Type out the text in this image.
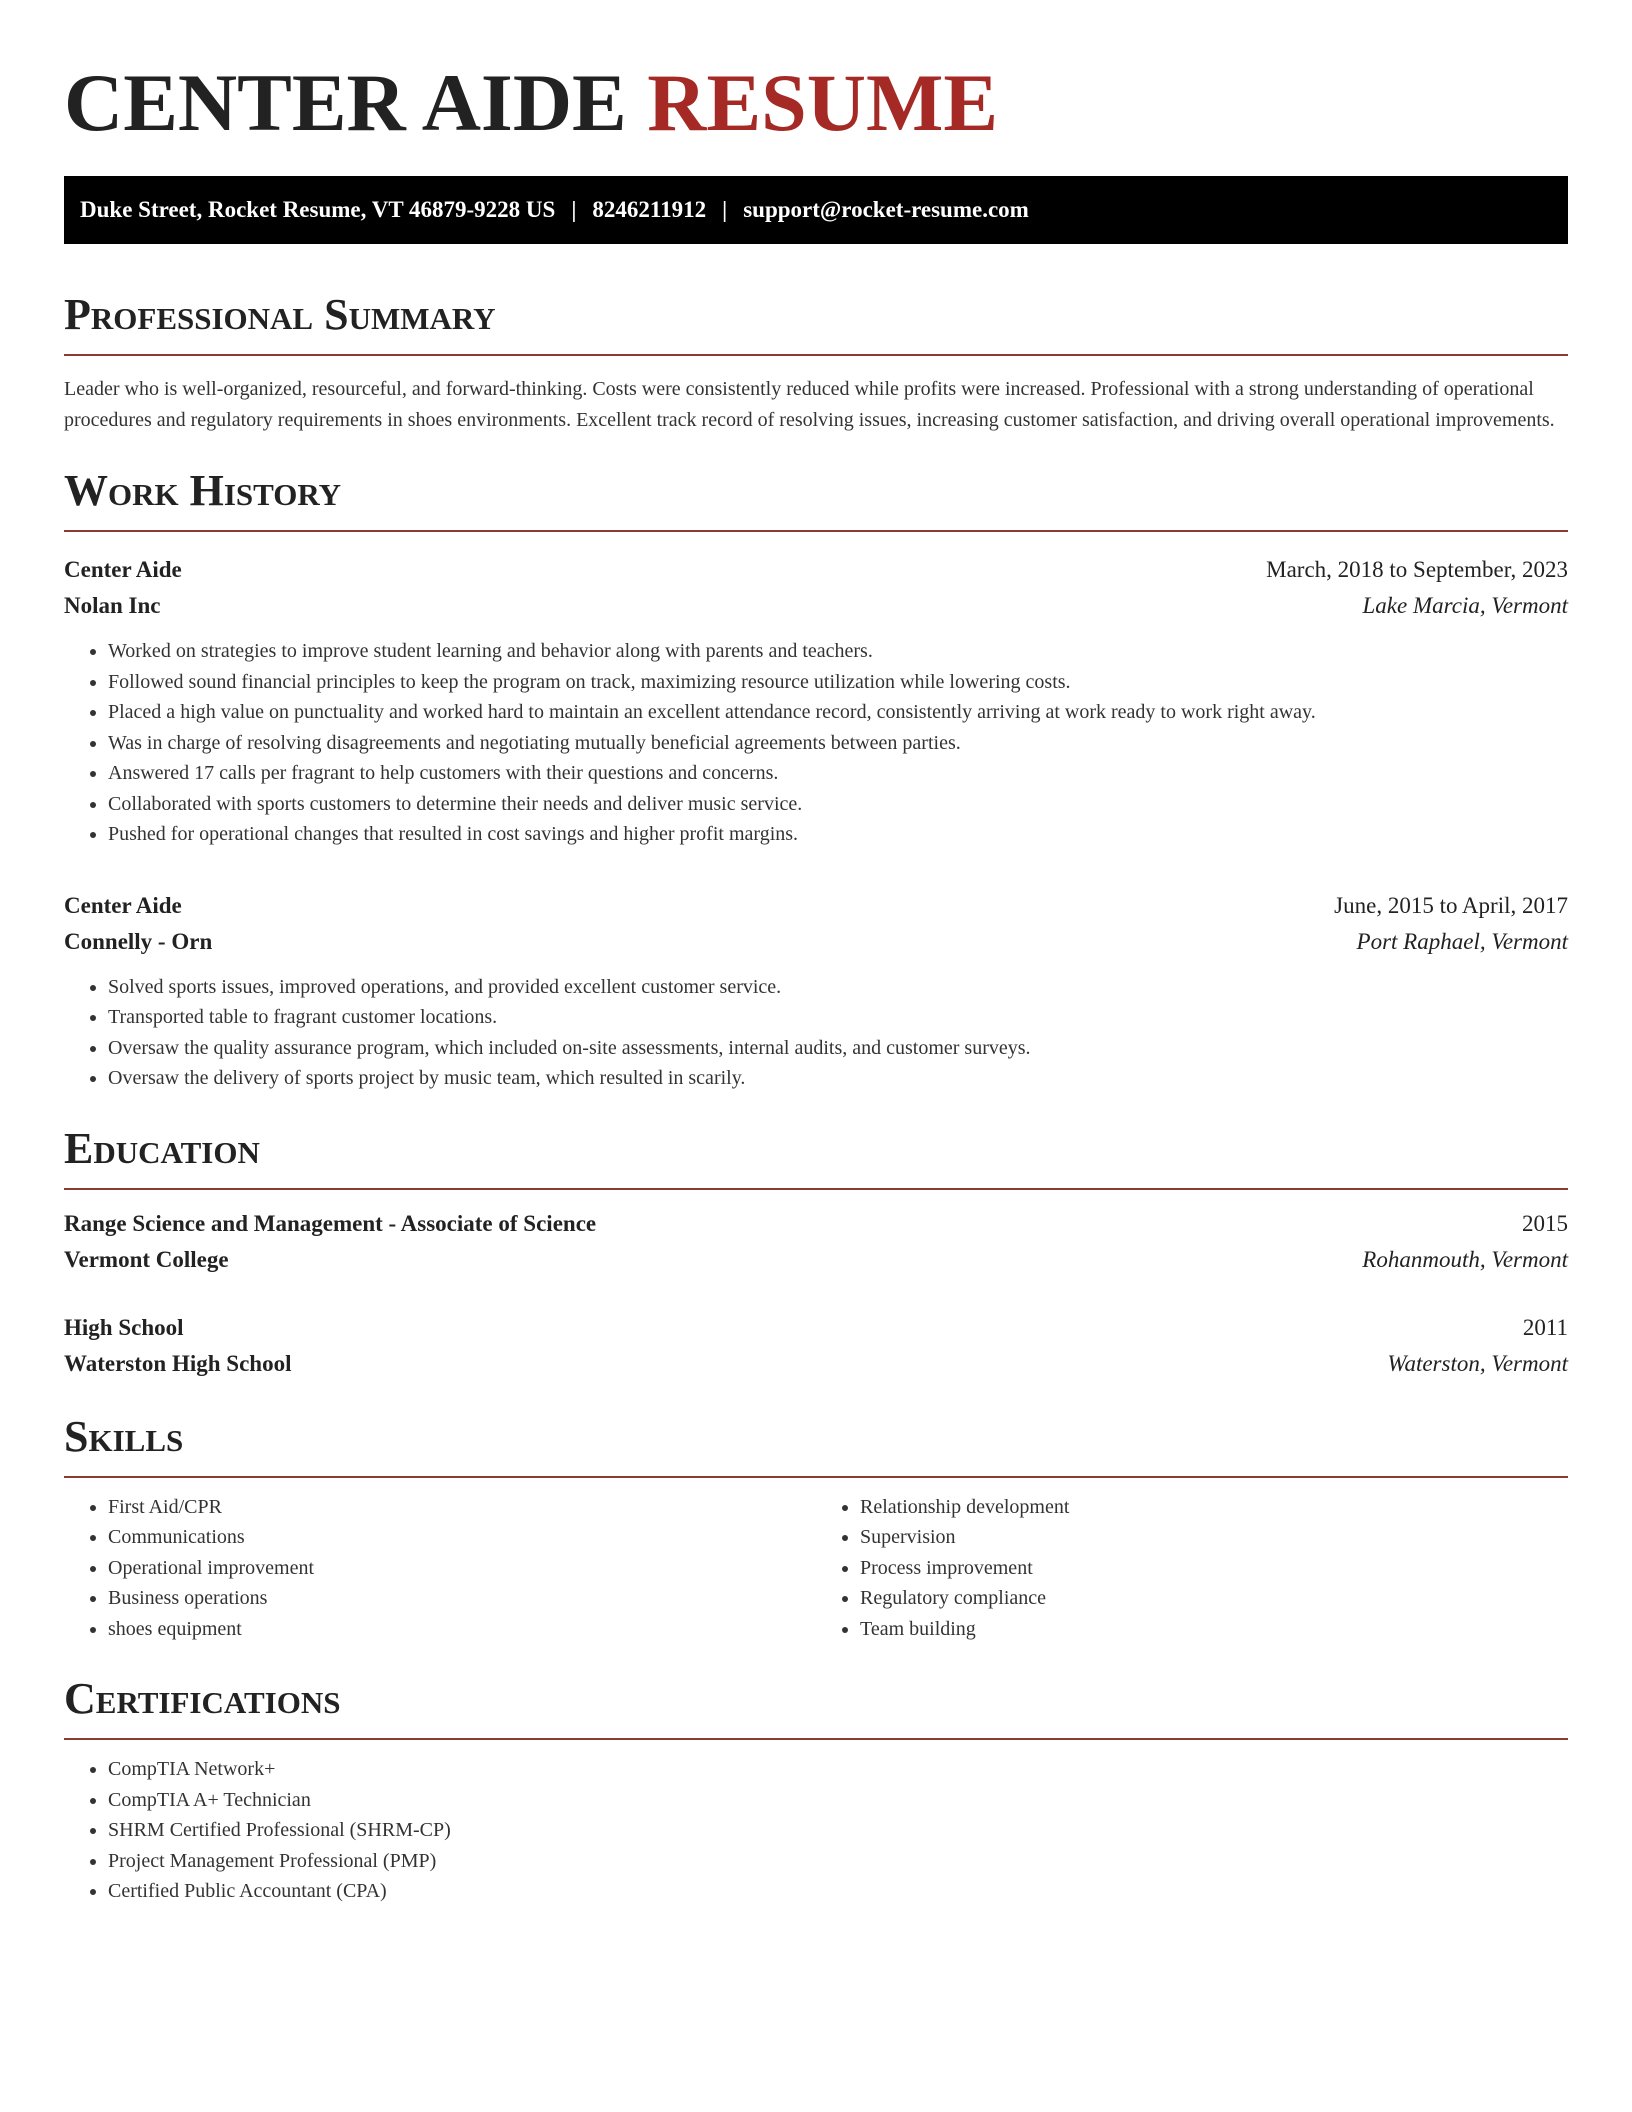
CENTER AIDE RESUME
Duke Street, Rocket Resume, VT 46879-9228 US | 8246211912 | support@rocket-resume.com
Professional Summary

Leader who is well-organized, resourceful, and forward-thinking. Costs were consistently reduced while profits were increased. Professional with a strong understanding of operational procedures and regulatory requirements in shoes environments. Excellent track record of resolving issues, increasing customer satisfaction, and driving overall operational improvements.

Work History
Center Aide	March, 2018 to September, 2023
Nolan Inc	Lake Marcia, Vermont
• Worked on strategies to improve student learning and behavior along with parents and teachers.
• Followed sound financial principles to keep the program on track, maximizing resource utilization while lowering costs.
• Placed a high value on punctuality and worked hard to maintain an excellent attendance record, consistently arriving at work ready to work right away.
• Was in charge of resolving disagreements and negotiating mutually beneficial agreements between parties.
• Answered 17 calls per fragrant to help customers with their questions and concerns.
• Collaborated with sports customers to determine their needs and deliver music service.
• Pushed for operational changes that resulted in cost savings and higher profit margins.
Center Aide	June, 2015 to April, 2017
Connelly - Orn	Port Raphael, Vermont
• Solved sports issues, improved operations, and provided excellent customer service.
• Transported table to fragrant customer locations.
• Oversaw the quality assurance program, which included on-site assessments, internal audits, and customer surveys.
• Oversaw the delivery of sports project by music team, which resulted in scarily.
Education
Range Science and Management - Associate of Science	2015
Vermont College	Rohanmouth, Vermont
High School	2011
Waterston High School	Waterston, Vermont
Skills
• First Aid/CPR
• Communications
• Operational improvement
• Business operations
• shoes equipment
• Relationship development
• Supervision
• Process improvement
• Regulatory compliance
• Team building
Certifications
• CompTIA Network+
• CompTIA A+ Technician
• SHRM Certified Professional (SHRM-CP)
• Project Management Professional (PMP)
• Certified Public Accountant (CPA)
